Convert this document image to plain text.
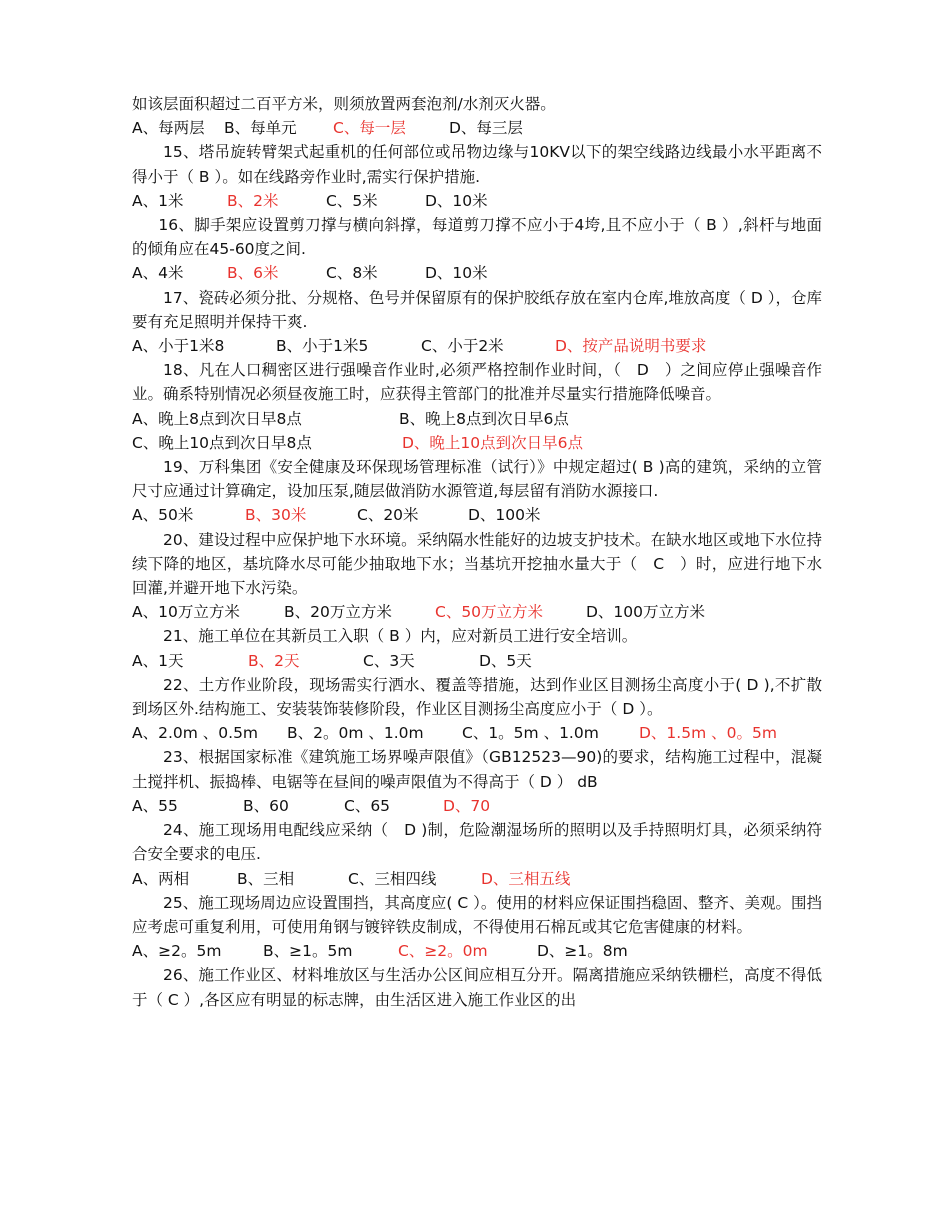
如该层面积超过二百平方米，则须放置两套泡剂/水剂灭火器。

A、每两层	B、每单元	C、每一层	D、每三层

15、塔吊旋转臂架式起重机的任何部位或吊物边缘与10KV以下的架空线路边线最小水平距离不得小于（ B ）。如在线路旁作业时,需实行保护措施.

A、1米	B、2米	C、5米	D、10米

16、脚手架应设置剪刀撑与横向斜撑，每道剪刀撑不应小于4垮,且不应小于（ B ）,斜杆与地面的倾角应在45-60度之间.

A、4米	B、6米	C、8米	D、10米

17、瓷砖必须分批、分规格、色号并保留原有的保护胶纸存放在室内仓库,堆放高度（ D ），仓库要有充足照明并保持干爽.

A、小于1米8	B、小于1米5	C、小于2米	D、按产品说明书要求

18、凡在人口稠密区进行强噪音作业时,必须严格控制作业时间，（　D　）之间应停止强噪音作业。确系特别情况必须昼夜施工时，应获得主管部门的批准并尽量实行措施降低噪音。

A、晚上8点到次日早8点	B、晚上8点到次日早6点
C、晚上10点到次日早8点	D、晚上10点到次日早6点

19、万科集团《安全健康及环保现场管理标准（试行）》中规定超过( B )高的建筑，采纳的立管尺寸应通过计算确定，设加压泵,随层做消防水源管道,每层留有消防水源接口.

A、50米	B、30米	C、20米	D、100米

20、建设过程中应保护地下水环境。采纳隔水性能好的边坡支护技术。在缺水地区或地下水位持续下降的地区，基坑降水尽可能少抽取地下水；当基坑开挖抽水量大于（　C　）时，应进行地下水回灌,并避开地下水污染。

A、10万立方米	B、20万立方米	C、50万立方米	D、100万立方米

21、施工单位在其新员工入职（ B ）内，应对新员工进行安全培训。

A、1天	B、2天	C、3天	D、5天

22、土方作业阶段，现场需实行洒水、覆盖等措施，达到作业区目测扬尘高度小于( D ),不扩散到场区外.结构施工、安装装饰装修阶段，作业区目测扬尘高度应小于（ D ）。

A、2.0m 、0.5m	B、2。0m 、1.0m	C、1。5m 、1.0m	D、1.5m 、0。5m

23、根据国家标准《建筑施工场界噪声限值》（GB12523—90)的要求，结构施工过程中，混凝土搅拌机、振捣棒、电锯等在昼间的噪声限值为不得高于（ D ） dB

A、55	B、60	C、65	D、70

24、施工现场用电配线应采纳（　D )制，危险潮湿场所的照明以及手持照明灯具，必须采纳符合安全要求的电压.

A、两相	B、三相	C、三相四线	D、三相五线

25、施工现场周边应设置围挡，其高度应( C ）。使用的材料应保证围挡稳固、整齐、美观。围挡应考虑可重复利用，可使用角钢与镀锌铁皮制成，不得使用石棉瓦或其它危害健康的材料。

A、≥2。5m	B、≥1。5m	C、≥2。0m	D、≥1。8m

26、施工作业区、材料堆放区与生活办公区间应相互分开。隔离措施应采纳铁栅栏，高度不得低于（ C ）,各区应有明显的标志牌，由生活区进入施工作业区的出
